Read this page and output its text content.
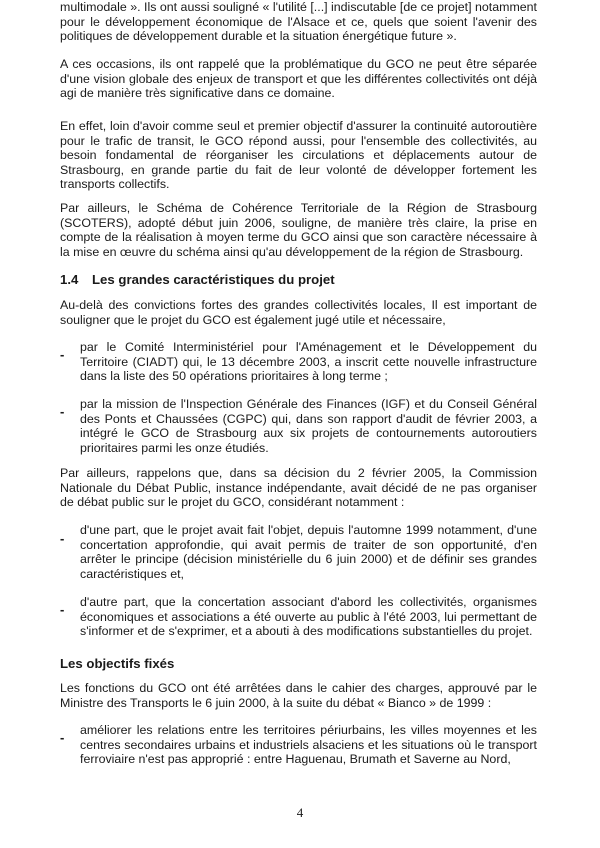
multimodale ». Ils ont aussi souligné « l'utilité [...] indiscutable [de ce projet] notamment pour le développement économique de l'Alsace et ce, quels que soient l'avenir des politiques de développement durable et la situation énergétique future ».

A ces occasions, ils ont rappelé que la problématique du GCO ne peut être séparée d'une vision globale des enjeux de transport et que les différentes collectivités ont déjà agi de manière très significative dans ce domaine.

En effet, loin d'avoir comme seul et premier objectif d'assurer la continuité autoroutière pour le trafic de transit, le GCO répond aussi, pour l'ensemble des collectivités, au besoin fondamental de réorganiser les circulations et déplacements autour de Strasbourg, en grande partie du fait de leur volonté de développer fortement les transports collectifs.

Par ailleurs, le Schéma de Cohérence Territoriale de la Région de Strasbourg (SCOTERS), adopté début juin 2006, souligne, de manière très claire, la prise en compte de la réalisation à moyen terme du GCO ainsi que son caractère nécessaire à la mise en œuvre du schéma ainsi qu'au développement de la région de Strasbourg.

1.4 Les grandes caractéristiques du projet

Au-delà des convictions fortes des grandes collectivités locales, Il est important de souligner que le projet du GCO est également jugé utile et nécessaire,

- par le Comité Interministériel pour l'Aménagement et le Développement du Territoire (CIADT) qui, le 13 décembre 2003, a inscrit cette nouvelle infrastructure dans la liste des 50 opérations prioritaires à long terme ;

- par la mission de l'Inspection Générale des Finances (IGF) et du Conseil Général des Ponts et Chaussées (CGPC) qui, dans son rapport d'audit de février 2003, a intégré le GCO de Strasbourg aux six projets de contournements autoroutiers prioritaires parmi les onze étudiés.

Par ailleurs, rappelons que, dans sa décision du 2 février 2005, la Commission Nationale du Débat Public, instance indépendante, avait décidé de ne pas organiser de débat public sur le projet du GCO, considérant notamment :

-

d'une part, que le projet avait fait l'objet, depuis l'automne 1999 notamment, d'une concertation approfondie, qui avait permis de traiter de son opportunité, d'en arrêter le principe (décision ministérielle du 6 juin 2000) et de définir ses grandes caractéristiques et,

- d'autre part, que la concertation associant d'abord les collectivités, organismes économiques et associations a été ouverte au public à l'été 2003, lui permettant de s'informer et de s'exprimer, et a abouti à des modifications substantielles du projet.

Les objectifs fixés

Les fonctions du GCO ont été arrêtées dans le cahier des charges, approuvé par le Ministre des Transports le 6 juin 2000, à la suite du débat « Bianco » de 1999 :

- améliorer les relations entre les territoires périurbains, les villes moyennes et les centres secondaires urbains et industriels alsaciens et les situations où le transport ferroviaire n'est pas approprié : entre Haguenau, Brumath et Saverne au Nord,

4
